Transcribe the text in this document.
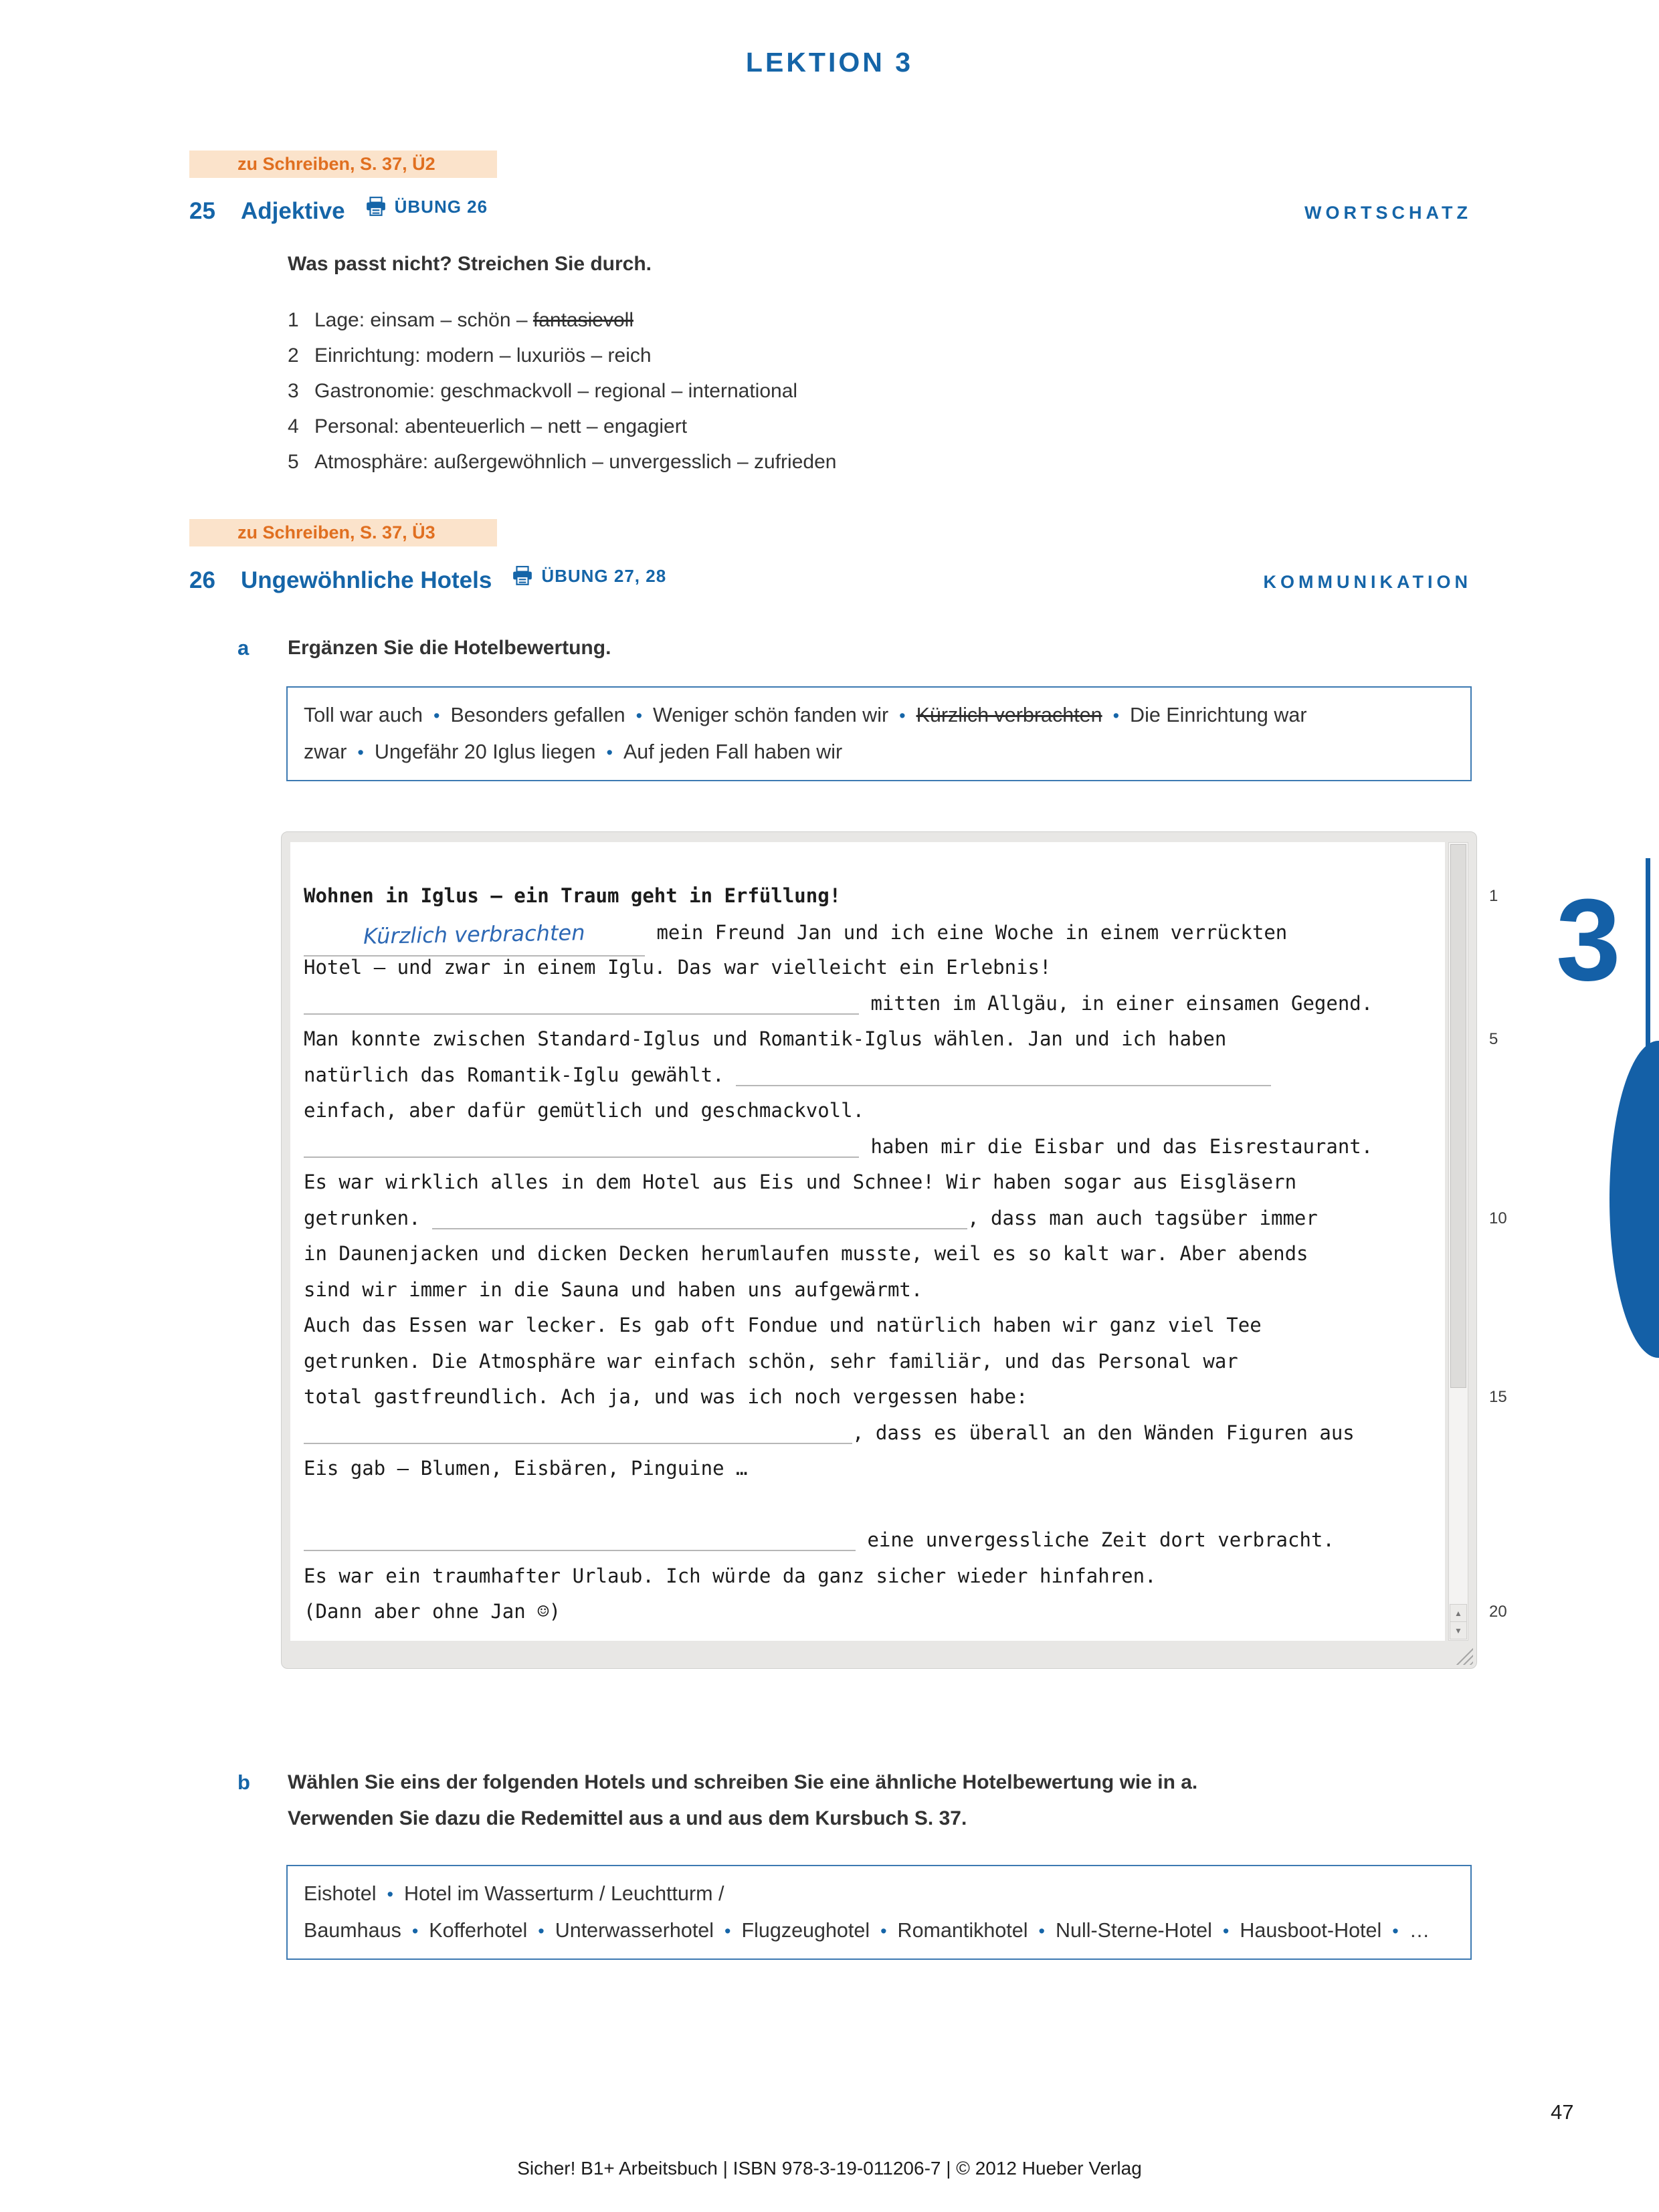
LEKTION 3
zu Schreiben, S. 37, Ü2
25	Adjektive	ÜBUNG 26	WORTSCHATZ
Was passt nicht? Streichen Sie durch.
1 Lage: einsam – schön – fantasievoll
2 Einrichtung: modern – luxuriös – reich
3 Gastronomie: geschmackvoll – regional – international
4 Personal: abenteuerlich – nett – engagiert
5 Atmosphäre: außergewöhnlich – unvergesslich – zufrieden
zu Schreiben, S. 37, Ü3
26	Ungewöhnliche Hotels	ÜBUNG 27, 28	KOMMUNIKATION
a	Ergänzen Sie die Hotelbewertung.
Toll war auch • Besonders gefallen • Weniger schön fanden wir • Kürzlich verbrachten • Die Einrichtung war zwar • Ungefähr 20 Iglus liegen • Auf jeden Fall haben wir
Wohnen in Iglus – ein Traum geht in Erfüllung!
Kürzlich verbrachten	mein Freund Jan und ich eine Woche in einem verrückten
Hotel – und zwar in einem Iglu. Das war vielleicht ein Erlebnis!
mitten im Allgäu, in einer einsamen Gegend.
Man konnte zwischen Standard-Iglus und Romantik-Iglus wählen. Jan und ich haben
natürlich das Romantik-Iglu gewählt.
einfach, aber dafür gemütlich und geschmackvoll.
haben mir die Eisbar und das Eisrestaurant.
Es war wirklich alles in dem Hotel aus Eis und Schnee! Wir haben sogar aus Eisgläsern
getrunken.	, dass man auch tagsüber immer
in Daunenjacken und dicken Decken herumlaufen musste, weil es so kalt war. Aber abends
sind wir immer in die Sauna und haben uns aufgewärmt.
Auch das Essen war lecker. Es gab oft Fondue und natürlich haben wir ganz viel Tee
getrunken. Die Atmosphäre war einfach schön, sehr familiär, und das Personal war
total gastfreundlich. Ach ja, und was ich noch vergessen habe:
, dass es überall an den Wänden Figuren aus
Eis gab – Blumen, Eisbären, Pinguine …
eine unvergessliche Zeit dort verbracht.
Es war ein traumhafter Urlaub. Ich würde da ganz sicher wieder hinfahren.
(Dann aber ohne Jan ☺)	▲
▼
1
5
10
15
20
b	Wählen Sie eins der folgenden Hotels und schreiben Sie eine ähnliche Hotelbewertung wie in a.
Verwenden Sie dazu die Redemittel aus a und aus dem Kursbuch S. 37.
Eishotel • Hotel im Wasserturm / Leuchtturm / Baumhaus • Kofferhotel • Unterwasserhotel • Flugzeughotel • Romantikhotel • Null-Sterne-Hotel • Hausboot-Hotel • …
3
Sicher! B1+ Arbeitsbuch | ISBN 978-3-19-011206-7 | © 2012 Hueber Verlag
47
